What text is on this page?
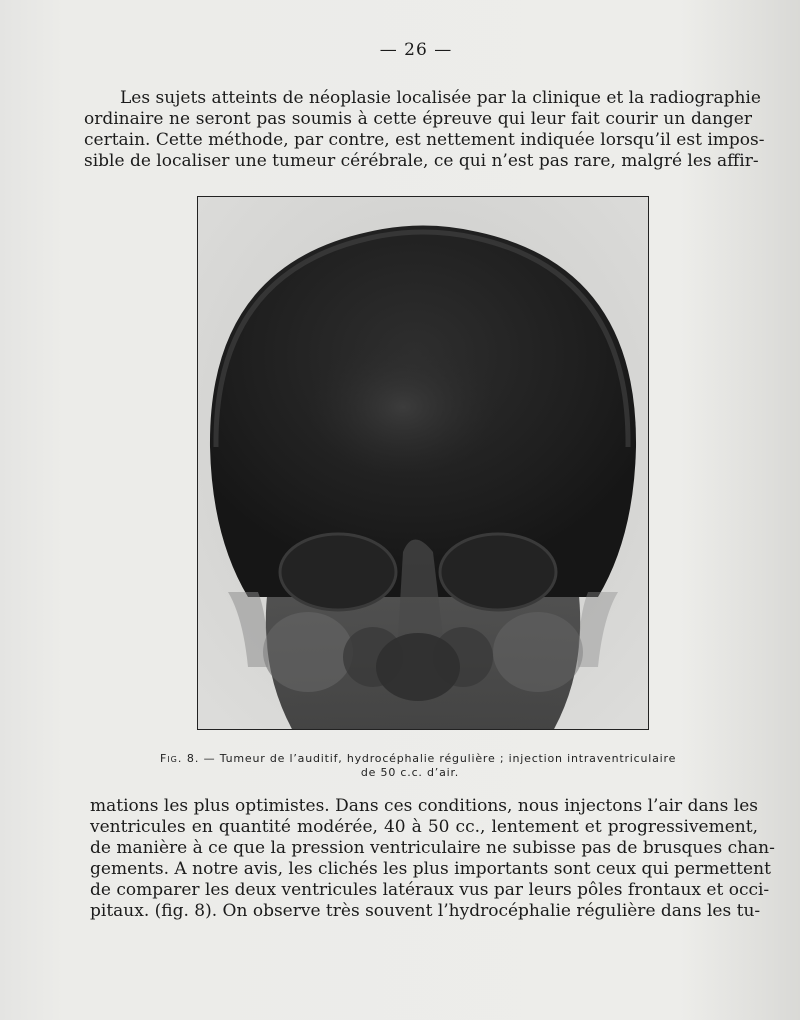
— 26 —
Les sujets atteints de néoplasie localisée par la clinique et la radiographie
ordinaire ne seront pas soumis à cette épreuve qui leur fait courir un danger
certain. Cette méthode, par contre, est nettement indiquée lorsqu’il est impos-
sible de localiser une tumeur cérébrale, ce qui n’est pas rare, malgré les affir-
Fig. 8. — Tumeur de l’auditif, hydrocéphalie régulière ; injection intraventriculaire
de 50 c.c. d’air.
mations les plus optimistes. Dans ces conditions, nous injectons l’air dans les
ventricules en quantité modérée, 40 à 50 cc., lentement et progressivement,
de manière à ce que la pression ventriculaire ne subisse pas de brusques chan-
gements. A notre avis, les clichés les plus importants sont ceux qui permettent
de comparer les deux ventricules latéraux vus par leurs pôles frontaux et occi-
pitaux. (fig. 8). On observe très souvent l’hydrocéphalie régulière dans les tu-
